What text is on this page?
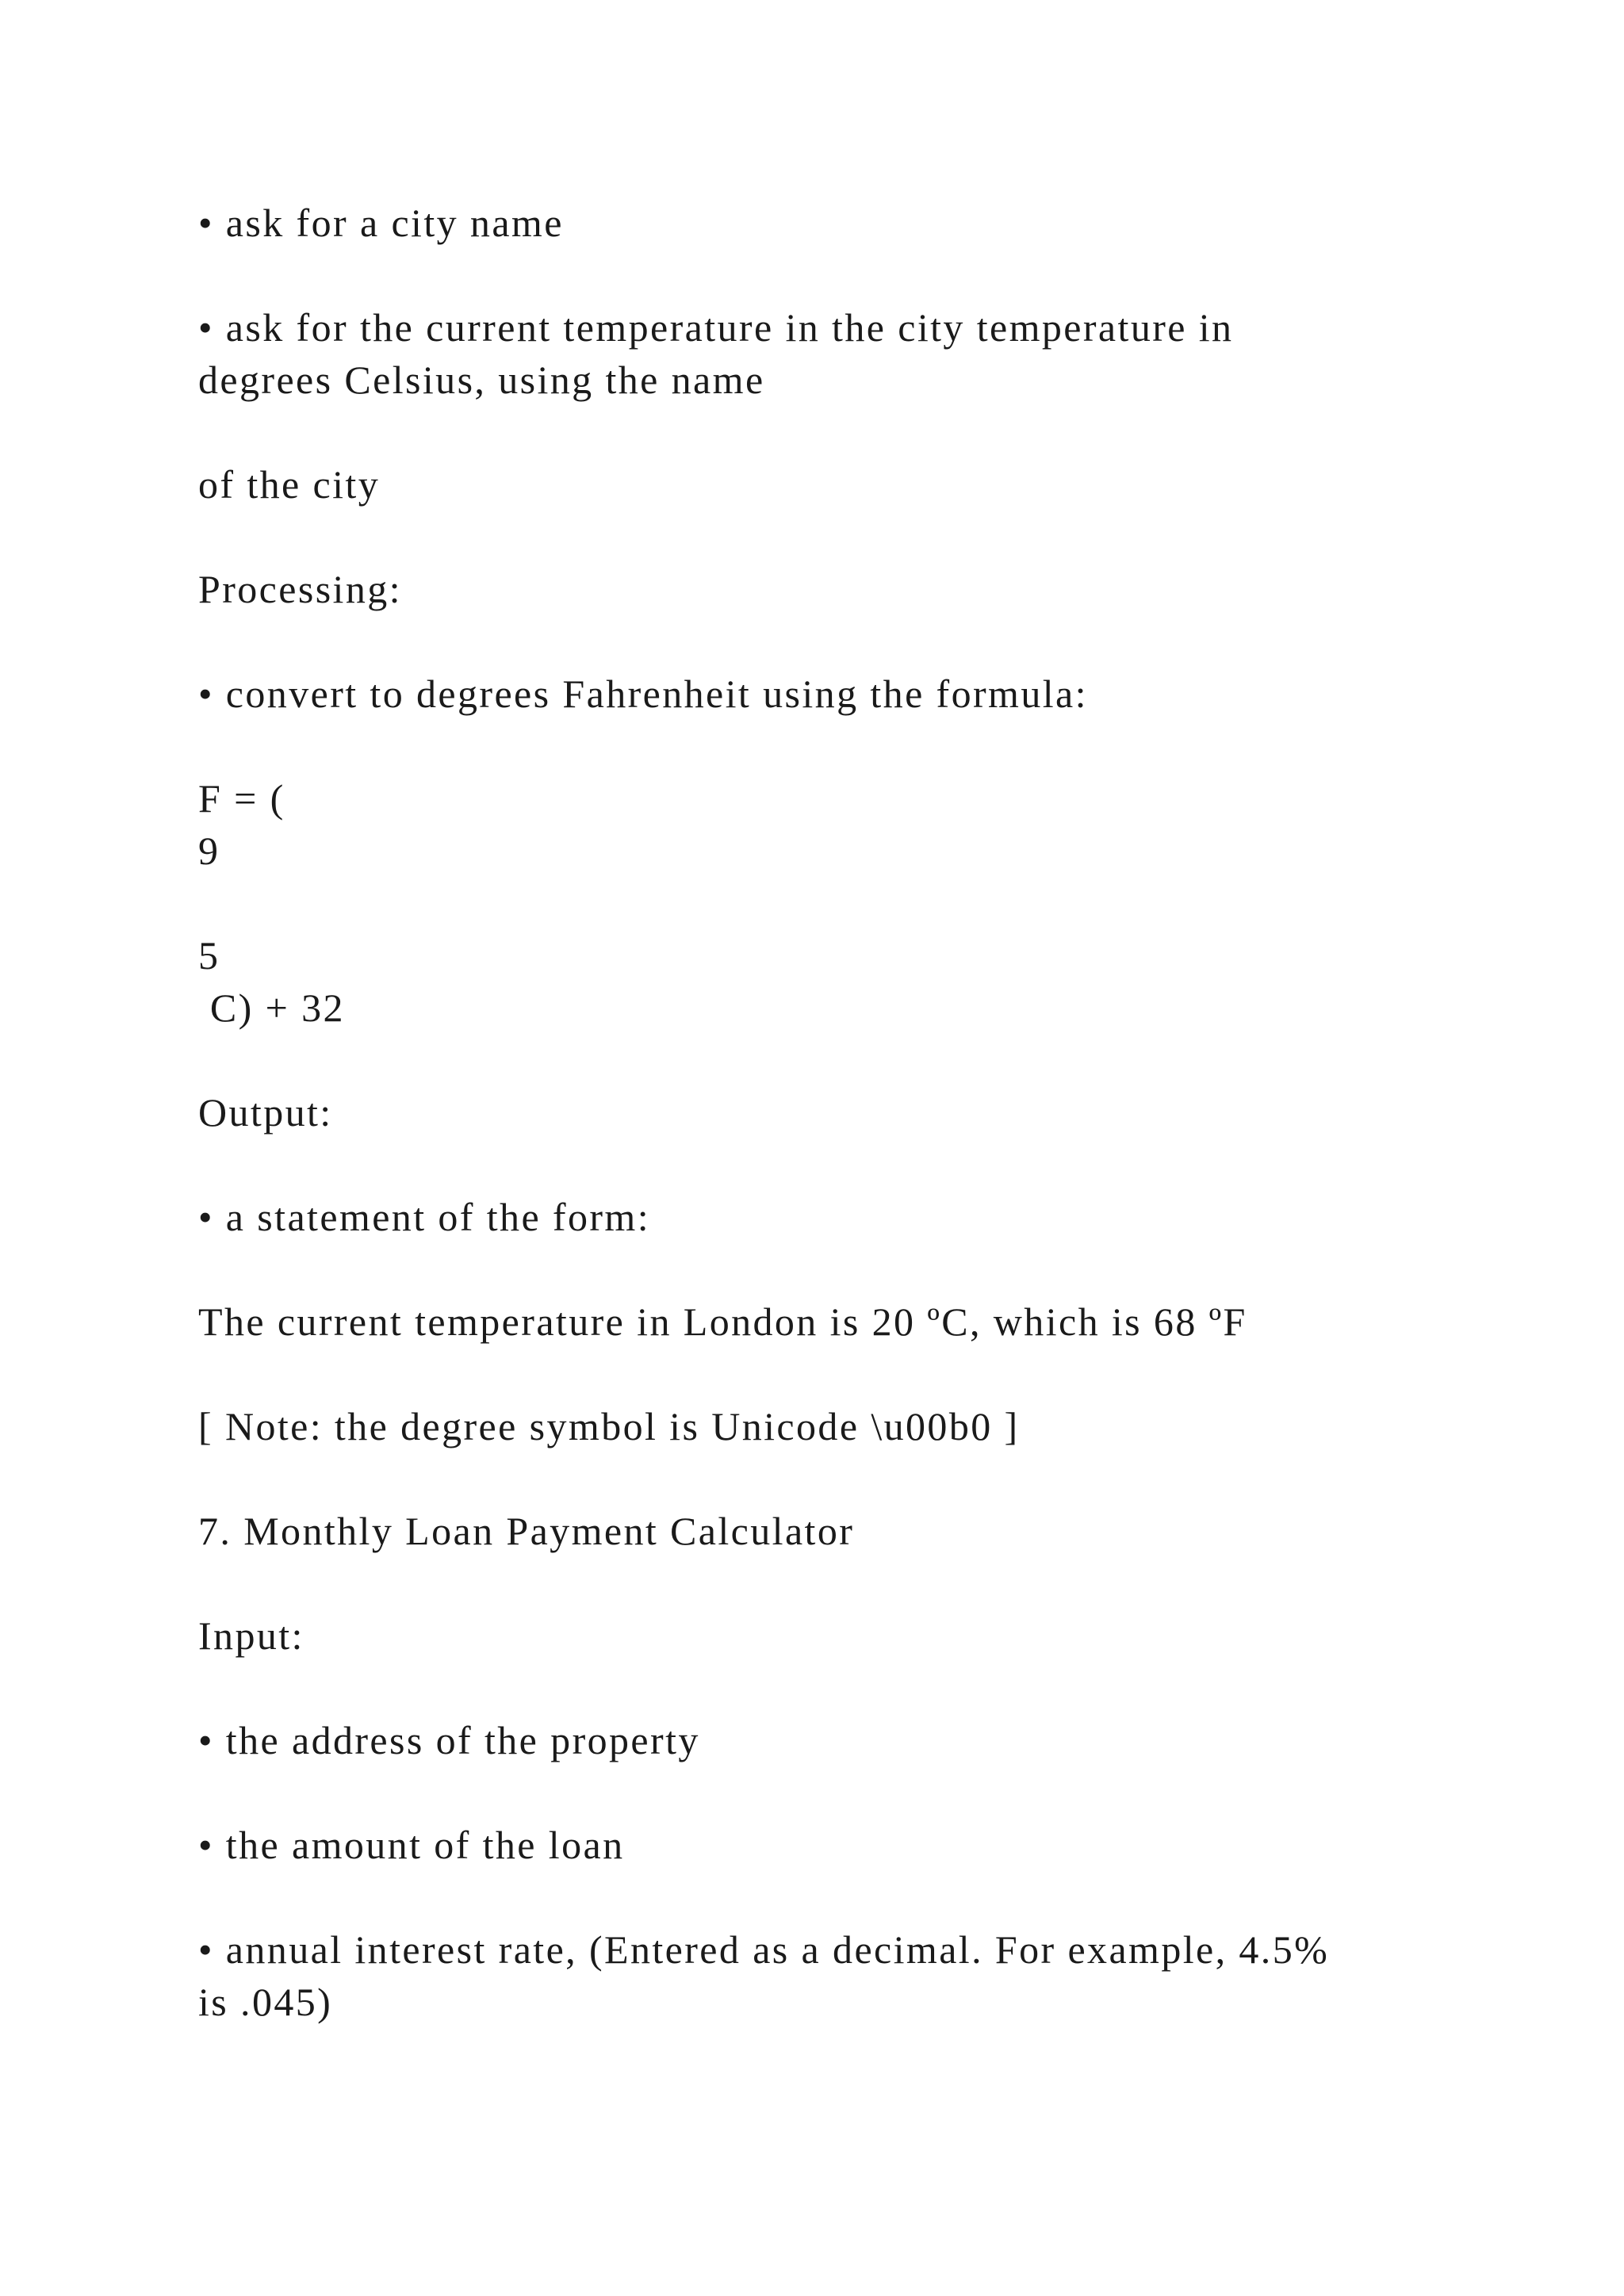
• ask for a city name
• ask for the current temperature in the city temperature in
degrees Celsius, using the name
of the city
Processing:
• convert to degrees Fahrenheit using the formula:
F = (
9
5
C) + 32
Output:
• a statement of the form:
The current temperature in London is 20 ºC, which is 68 ºF
[ Note: the degree symbol is Unicode \u00b0 ]
7. Monthly Loan Payment Calculator
Input:
• the address of the property
• the amount of the loan
• annual interest rate, (Entered as a decimal. For example, 4.5%
is .045)
